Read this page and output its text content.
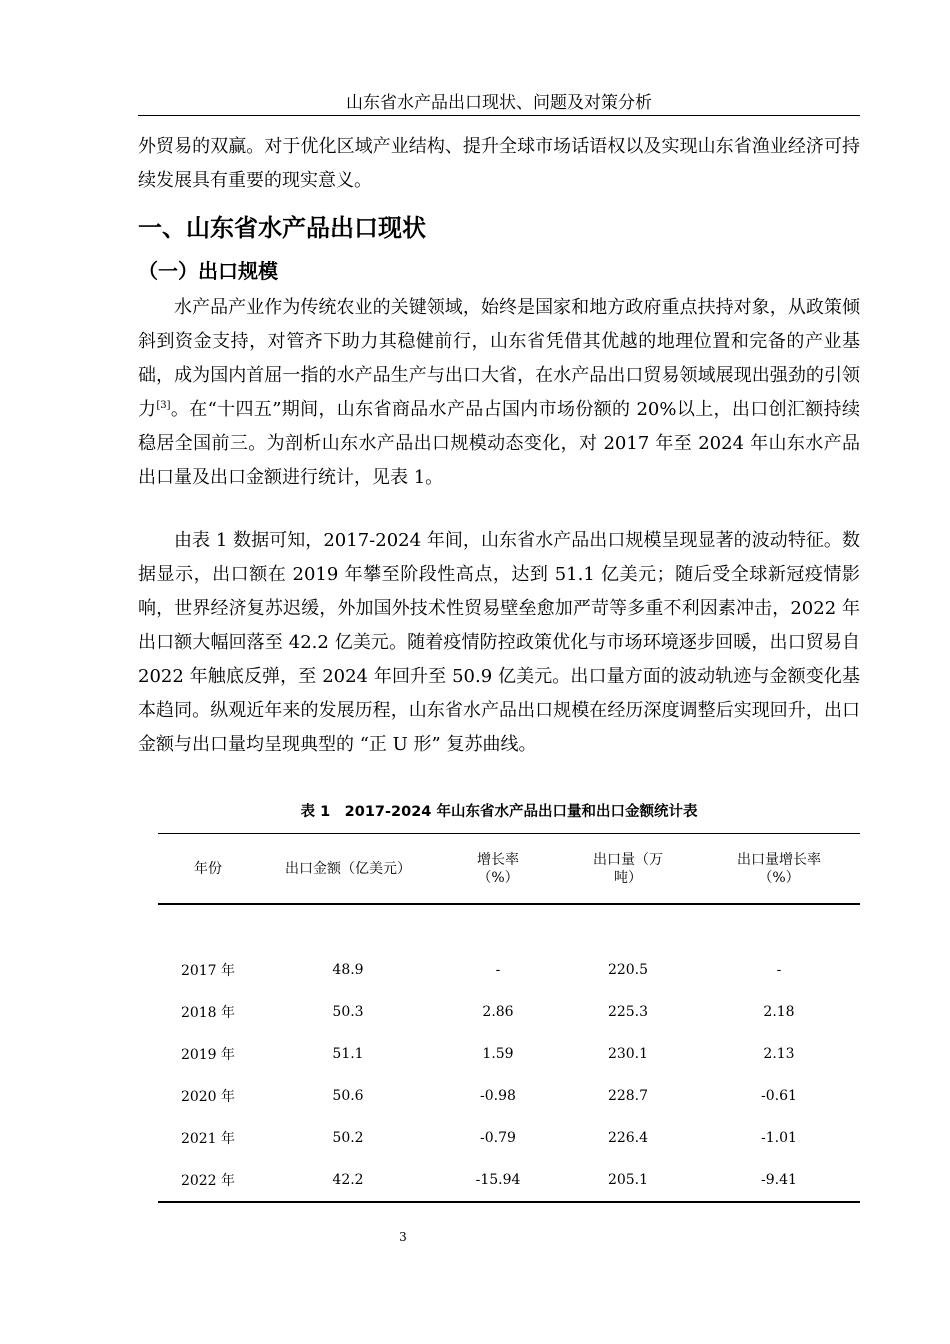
山东省水产品出口现状、问题及对策分析

外贸易的双赢。对于优化区域产业结构、提升全球市场话语权以及实现山东省渔业经济可持续发展具有重要的现实意义。

一、山东省水产品出口现状
（一）出口规模

水产品产业作为传统农业的关键领域，始终是国家和地方政府重点扶持对象，从政策倾斜到资金支持，对管齐下助力其稳健前行，山东省凭借其优越的地理位置和完备的产业基础，成为国内首屈一指的水产品生产与出口大省，在水产品出口贸易领域展现出强劲的引领力[3]。在“十四五”期间，山东省商品水产品占国内市场份额的 20%以上，出口创汇额持续稳居全国前三。为剖析山东水产品出口规模动态变化，对 2017 年至 2024 年山东水产品出口量及出口金额进行统计，见表 1。

由表 1 数据可知，2017-2024 年间，山东省水产品出口规模呈现显著的波动特征。数据显示，出口额在 2019 年攀至阶段性高点，达到 51.1 亿美元；随后受全球新冠疫情影响，世界经济复苏迟缓，外加国外技术性贸易壁垒愈加严苛等多重不利因素冲击，2022 年出口额大幅回落至 42.2 亿美元。随着疫情防控政策优化与市场环境逐步回暖，出口贸易自 2022 年触底反弹，至 2024 年回升至 50.9 亿美元。出口量方面的波动轨迹与金额变化基本趋同。纵观近年来的发展历程，山东省水产品出口规模在经历深度调整后实现回升，出口金额与出口量均呈现典型的 “正 U 形” 复苏曲线。

表 1　2017-2024 年山东省水产品出口量和出口金额统计表
年份	出口金额（亿美元）	增长率（%）	出口量（万吨）	出口量增长率（%）

2017 年	48.9	-	220.5	-
2018 年	50.3	2.86	225.3	2.18
2019 年	51.1	1.59	230.1	2.13
2020 年	50.6	-0.98	228.7	-0.61
2021 年	50.2	-0.79	226.4	-1.01
2022 年	42.2	-15.94	205.1	-9.41
3
